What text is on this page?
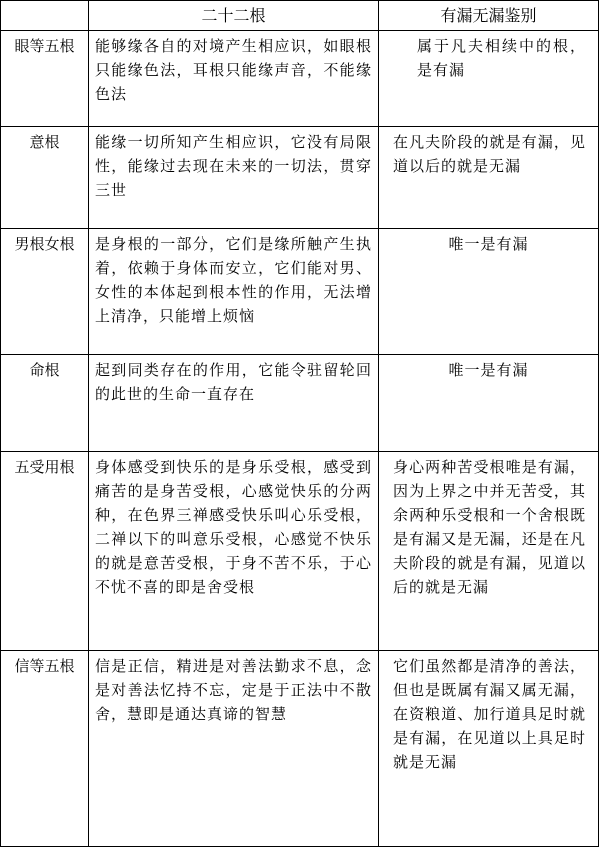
	二十二根	有漏无漏鉴别
眼等五根	能够缘各自的对境产生相应识，如眼根只能缘色法，耳根只能缘声音，不能缘色法	属于凡夫相续中的根，是有漏
意根	能缘一切所知产生相应识，它没有局限性，能缘过去现在未来的一切法，贯穿三世	在凡夫阶段的就是有漏，见道以后的就是无漏
男根女根	是身根的一部分，它们是缘所触产生执着，依赖于身体而安立，它们能对男、女性的本体起到根本性的作用，无法增上清净，只能增上烦恼	唯一是有漏
命根	起到同类存在的作用，它能令驻留轮回的此世的生命一直存在	唯一是有漏
五受用根	身体感受到快乐的是身乐受根，感受到痛苦的是身苦受根，心感觉快乐的分两种，在色界三禅感受快乐叫心乐受根，二禅以下的叫意乐受根，心感觉不快乐的就是意苦受根，于身不苦不乐，于心不忧不喜的即是舍受根	身心两种苦受根唯是有漏，因为上界之中并无苦受，其余两种乐受根和一个舍根既是有漏又是无漏，还是在凡夫阶段的就是有漏，见道以后的就是无漏
信等五根	信是正信，精进是对善法勤求不息，念是对善法忆持不忘，定是于正法中不散舍，慧即是通达真谛的智慧	它们虽然都是清净的善法，但也是既属有漏又属无漏，在资粮道、加行道具足时就是有漏，在见道以上具足时就是无漏
